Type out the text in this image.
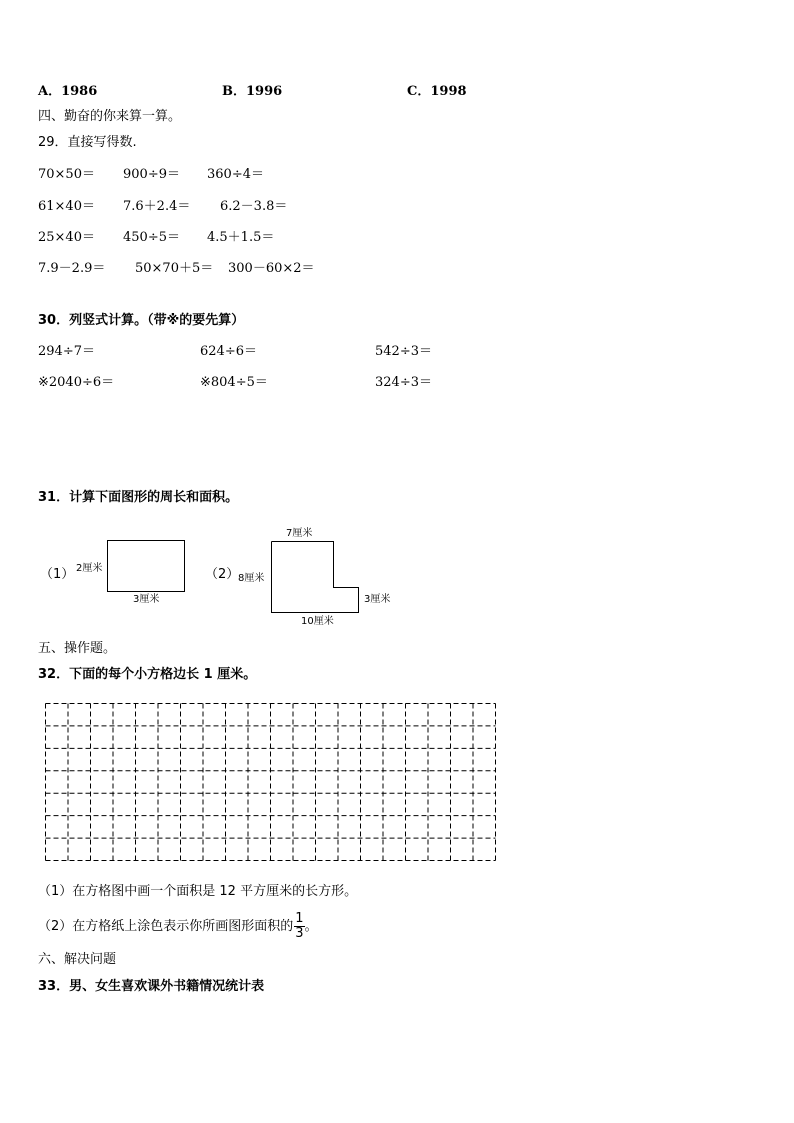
A．1986	B．1996	C．1998
四、勤奋的你来算一算。
29．直接写得数.
70×50＝ 900÷9＝ 360÷4＝
61×40＝ 7.6＋2.4＝ 6.2－3.8＝
25×40＝ 450÷5＝ 4.5＋1.5＝
7.9－2.9＝ 50×70＋5＝ 300－60×2＝
30．列竖式计算。（带※的要先算）
294÷7＝	624÷6＝	542÷3＝
※2040÷6＝	※804÷5＝	324÷3＝
31．计算下面图形的周长和面积。
（1） 2厘米
3厘米
（2）
7厘米
8厘米
3厘米
10厘米
五、操作题。
32．下面的每个小方格边长 1 厘米。
（1）在方格图中画一个面积是 12 平方厘米的长方形。
（2）在方格纸上涂色表示你所画图形面积的 $\frac{1}{3}$ 。
六、解决问题
33．男、女生喜欢课外书籍情况统计表
